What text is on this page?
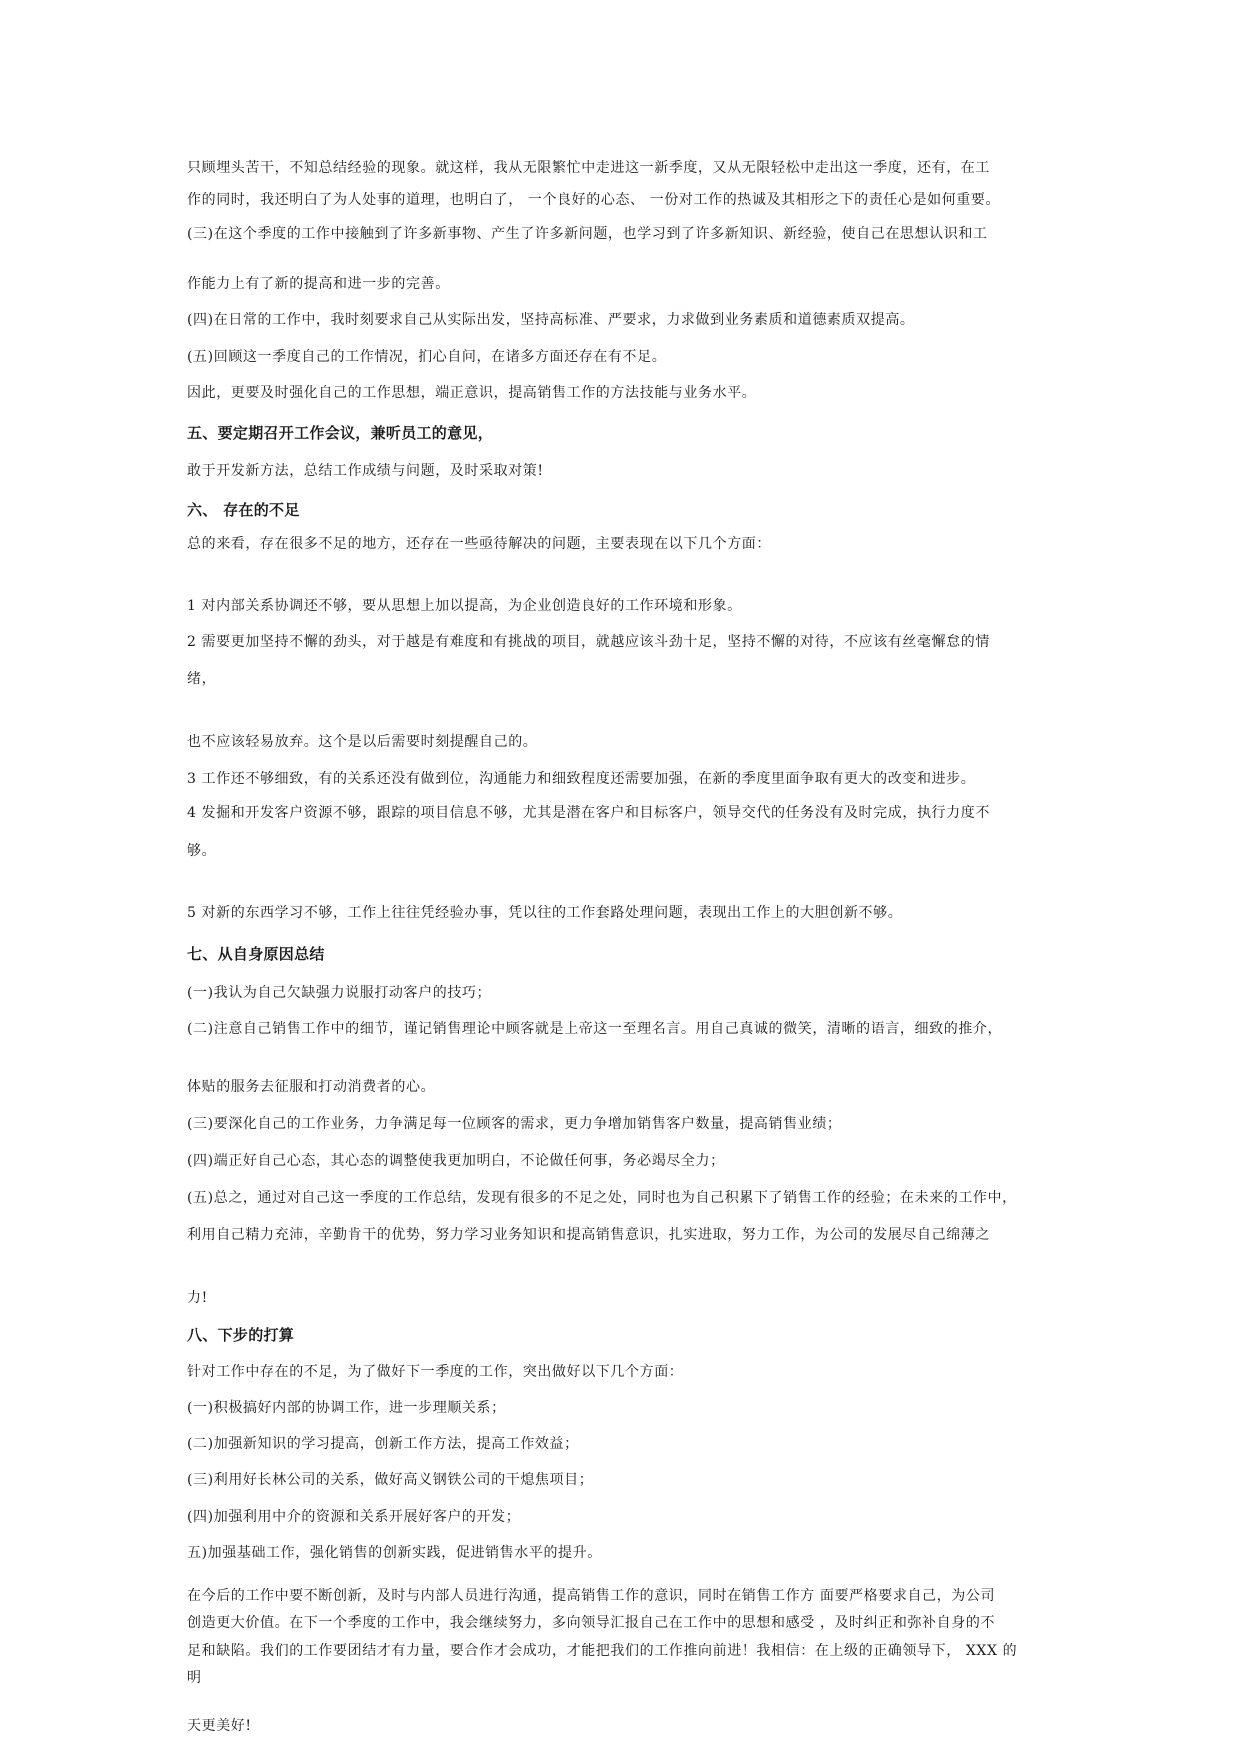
只顾埋头苦干，不知总结经验的现象。就这样，我从无限繁忙中走进这一新季度，又从无限轻松中走出这一季度，还有，在工
作的同时，我还明白了为人处事的道理，也明白了， 一个良好的心态、 一份对工作的热诚及其相形之下的责任心是如何重要。
(三)在这个季度的工作中接触到了许多新事物、产生了许多新问题，也学习到了许多新知识、新经验，使自己在思想认识和工
作能力上有了新的提高和进一步的完善。
(四)在日常的工作中，我时刻要求自己从实际出发，坚持高标准、严要求，力求做到业务素质和道德素质双提高。
(五)回顾这一季度自己的工作情况，扪心自问，在诸多方面还存在有不足。
因此，更要及时强化自己的工作思想，端正意识，提高销售工作的方法技能与业务水平。
五、要定期召开工作会议，兼听员工的意见，
敢于开发新方法，总结工作成绩与问题，及时采取对策!
六、 存在的不足
总的来看，存在很多不足的地方，还存在一些亟待解决的问题，主要表现在以下几个方面：
1 对内部关系协调还不够，要从思想上加以提高，为企业创造良好的工作环境和形象。
2 需要更加坚持不懈的劲头，对于越是有难度和有挑战的项目，就越应该斗劲十足，坚持不懈的对待，不应该有丝毫懈怠的情
绪，
也不应该轻易放弃。这个是以后需要时刻提醒自己的。
3 工作还不够细致，有的关系还没有做到位，沟通能力和细致程度还需要加强，在新的季度里面争取有更大的改变和进步。
4 发掘和开发客户资源不够，跟踪的项目信息不够，尤其是潜在客户和目标客户，领导交代的任务没有及时完成，执行力度不
够。
5 对新的东西学习不够，工作上往往凭经验办事，凭以往的工作套路处理问题，表现出工作上的大胆创新不够。
七、从自身原因总结
(一)我认为自己欠缺强力说服打动客户的技巧；
(二)注意自己销售工作中的细节，谨记销售理论中顾客就是上帝这一至理名言。用自己真诚的微笑，清晰的语言，细致的推介，
体贴的服务去征服和打动消费者的心。
(三)要深化自己的工作业务，力争满足每一位顾客的需求，更力争增加销售客户数量，提高销售业绩；
(四)端正好自己心态，其心态的调整使我更加明白，不论做任何事，务必竭尽全力；
(五)总之，通过对自己这一季度的工作总结，发现有很多的不足之处，同时也为自己积累下了销售工作的经验；在未来的工作中，
利用自己精力充沛，辛勤肯干的优势，努力学习业务知识和提高销售意识，扎实进取，努力工作，为公司的发展尽自己绵薄之
力!
八、下步的打算
针对工作中存在的不足，为了做好下一季度的工作，突出做好以下几个方面：
(一)积极搞好内部的协调工作，进一步理顺关系；
(二)加强新知识的学习提高，创新工作方法，提高工作效益；
(三)利用好长林公司的关系，做好高义钢铁公司的干熄焦项目；
(四)加强利用中介的资源和关系开展好客户的开发；
五)加强基础工作，强化销售的创新实践，促进销售水平的提升。
在今后的工作中要不断创新，及时与内部人员进行沟通，提高销售工作的意识，同时在销售工作方 面要严格要求自己，为公司
创造更大价值。在下一个季度的工作中，我会继续努力，多向领导汇报自己在工作中的思想和感受 ，及时纠正和弥补自身的不
足和缺陷。我们的工作要团结才有力量，要合作才会成功，才能把我们的工作推向前进！我相信：在上级的正确领导下， XXX 的
明
天更美好!
